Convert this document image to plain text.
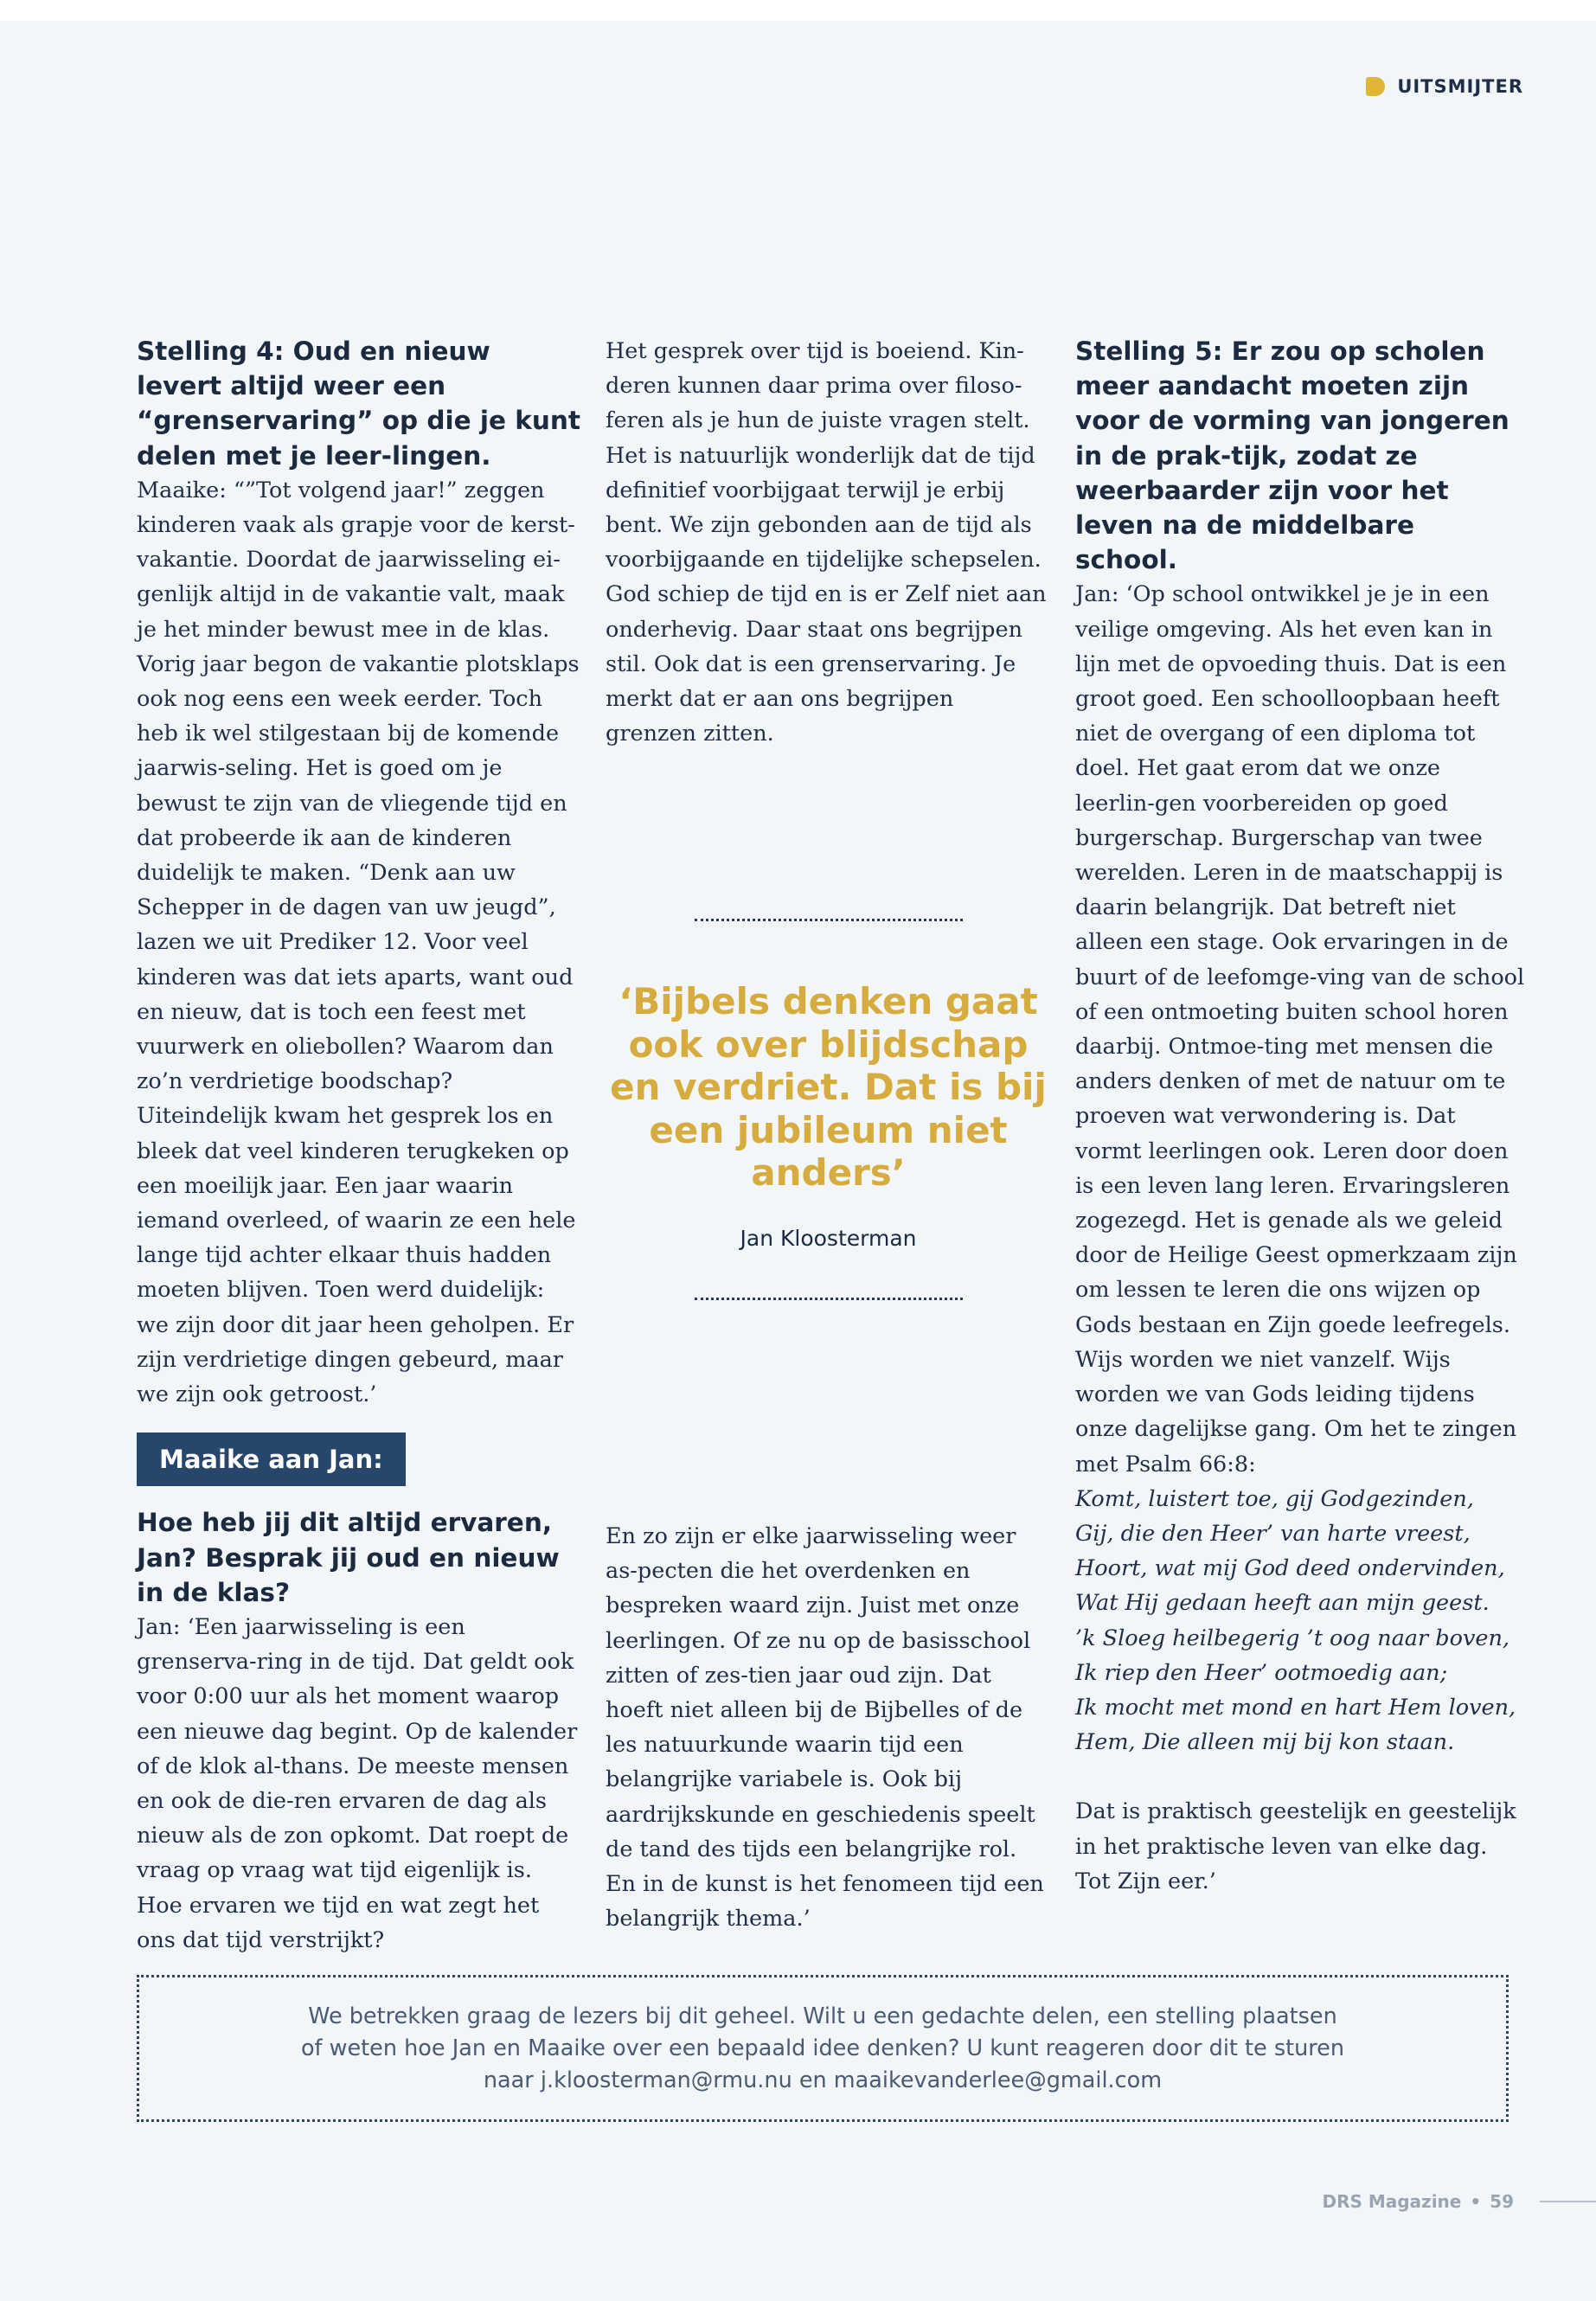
UITSMIJTER
Stelling 4: Oud en nieuw levert altijd weer een “grenservaring” op die je kunt delen met je leer-lingen.

Maaike: “”Tot volgend jaar!” zeggen kinderen vaak als grapje voor de kerst-vakantie. Doordat de jaarwisseling ei-genlijk altijd in de vakantie valt, maak je het minder bewust mee in de klas. Vorig jaar begon de vakantie plotsklaps ook nog eens een week eerder. Toch heb ik wel stilgestaan bij de komende jaarwis-seling. Het is goed om je bewust te zijn van de vliegende tijd en dat probeerde ik aan de kinderen duidelijk te maken. “Denk aan uw Schepper in de dagen van uw jeugd”, lazen we uit Prediker 12. Voor veel kinderen was dat iets aparts, want oud en nieuw, dat is toch een feest met vuurwerk en oliebollen? Waarom dan zo’n verdrietige boodschap? Uiteindelijk kwam het gesprek los en bleek dat veel kinderen terugkeken op een moeilijk jaar. Een jaar waarin iemand overleed, of waarin ze een hele lange tijd achter elkaar thuis hadden moeten blijven. Toen werd duidelijk: we zijn door dit jaar heen geholpen. Er zijn verdrietige dingen gebeurd, maar we zijn ook getroost.’

Maaike aan Jan:
Hoe heb jij dit altijd ervaren, Jan? Besprak jij oud en nieuw in de klas?

Jan: ‘Een jaarwisseling is een grenserva-ring in de tijd. Dat geldt ook voor 0:00 uur als het moment waarop een nieuwe dag begint. Op de kalender of de klok al-thans. De meeste mensen en ook de die-ren ervaren de dag als nieuw als de zon opkomt. Dat roept de vraag op vraag wat tijd eigenlijk is. Hoe ervaren we tijd en wat zegt het ons dat tijd verstrijkt?

Het gesprek over tijd is boeiend. Kin-deren kunnen daar prima over filoso-feren als je hun de juiste vragen stelt. Het is natuurlijk wonderlijk dat de tijd definitief voorbijgaat terwijl je erbij bent. We zijn gebonden aan de tijd als voorbijgaande en tijdelijke schepselen. God schiep de tijd en is er Zelf niet aan onderhevig. Daar staat ons begrijpen stil. Ook dat is een grenservaring. Je merkt dat er aan ons begrijpen grenzen zitten.

‘Bijbels denken gaat ook over blijdschap en verdriet. Dat is bij een jubileum niet anders’
Jan Kloosterman

En zo zijn er elke jaarwisseling weer as-pecten die het overdenken en bespreken waard zijn. Juist met onze leerlingen. Of ze nu op de basisschool zitten of zes-tien jaar oud zijn. Dat hoeft niet alleen bij de Bijbelles of de les natuurkunde waarin tijd een belangrijke variabele is. Ook bij aardrijkskunde en geschiedenis speelt de tand des tijds een belangrijke rol. En in de kunst is het fenomeen tijd een belangrijk thema.’

Stelling 5: Er zou op scholen meer aandacht moeten zijn voor de vorming van jongeren in de prak-tijk, zodat ze weerbaarder zijn voor het leven na de middelbare school.

Jan: ‘Op school ontwikkel je je in een veilige omgeving. Als het even kan in lijn met de opvoeding thuis. Dat is een groot goed. Een schoolloopbaan heeft niet de overgang of een diploma tot doel. Het gaat erom dat we onze leerlin-gen voorbereiden op goed burgerschap. Burgerschap van twee werelden. Leren in de maatschappij is daarin belangrijk. Dat betreft niet alleen een stage. Ook ervaringen in de buurt of de leefomge-ving van de school of een ontmoeting buiten school horen daarbij. Ontmoe-ting met mensen die anders denken of met de natuur om te proeven wat verwondering is. Dat vormt leerlingen ook. Leren door doen is een leven lang leren. Ervaringsleren zogezegd. Het is genade als we geleid door de Heilige Geest opmerkzaam zijn om lessen te leren die ons wijzen op Gods bestaan en Zijn goede leefregels. Wijs worden we niet vanzelf. Wijs worden we van Gods leiding tijdens onze dagelijkse gang. Om het te zingen met Psalm 66:8:

Komt, luistert toe, gij Godgezinden,
Gij, die den Heer’ van harte vreest,
Hoort, wat mij God deed ondervinden,
Wat Hij gedaan heeft aan mijn geest.
’k Sloeg heilbegerig ’t oog naar boven,
Ik riep den Heer’ ootmoedig aan;
Ik mocht met mond en hart Hem loven,
Hem, Die alleen mij bij kon staan.

Dat is praktisch geestelijk en geestelijk in het praktische leven van elke dag. Tot Zijn eer.’

We betrekken graag de lezers bij dit geheel. Wilt u een gedachte delen, een stelling plaatsen
of weten hoe Jan en Maaike over een bepaald idee denken? U kunt reageren door dit te sturen
naar j.kloosterman@rmu.nu en maaikevanderlee@gmail.com
DRS Magazine • 59
